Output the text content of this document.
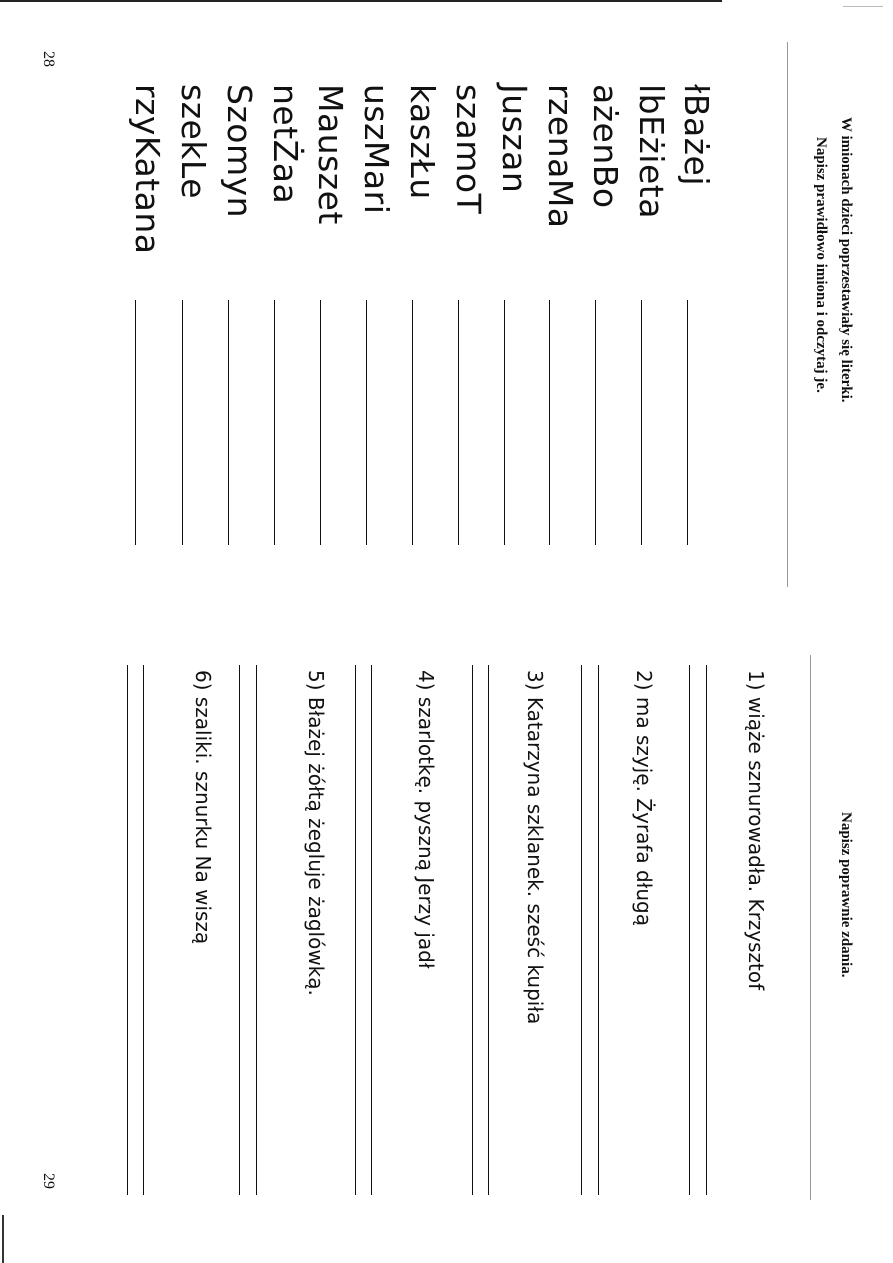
28
29
W imionach dzieci poprzestawiały się literki.
Napisz prawidłowo imiona i odczytaj je.
łBażej
lbEżieta
ażenBo
rzenaMa
Juszan
szamoT
kaszŁu
uszMari
Mauszet
netŻaa
Szomyn
szekLe
rzyKatana
Napisz poprawnie zdania.
1) wiąże sznurowadła. Krzysztof
2) ma szyję. Żyrafa długą
3) Katarzyna szklanek. sześć kupiła
4) szarlotkę. pyszną Jerzy jadł
5) Błażej żółtą żegluje żaglówką.
6) szaliki. sznurku Na wiszą
